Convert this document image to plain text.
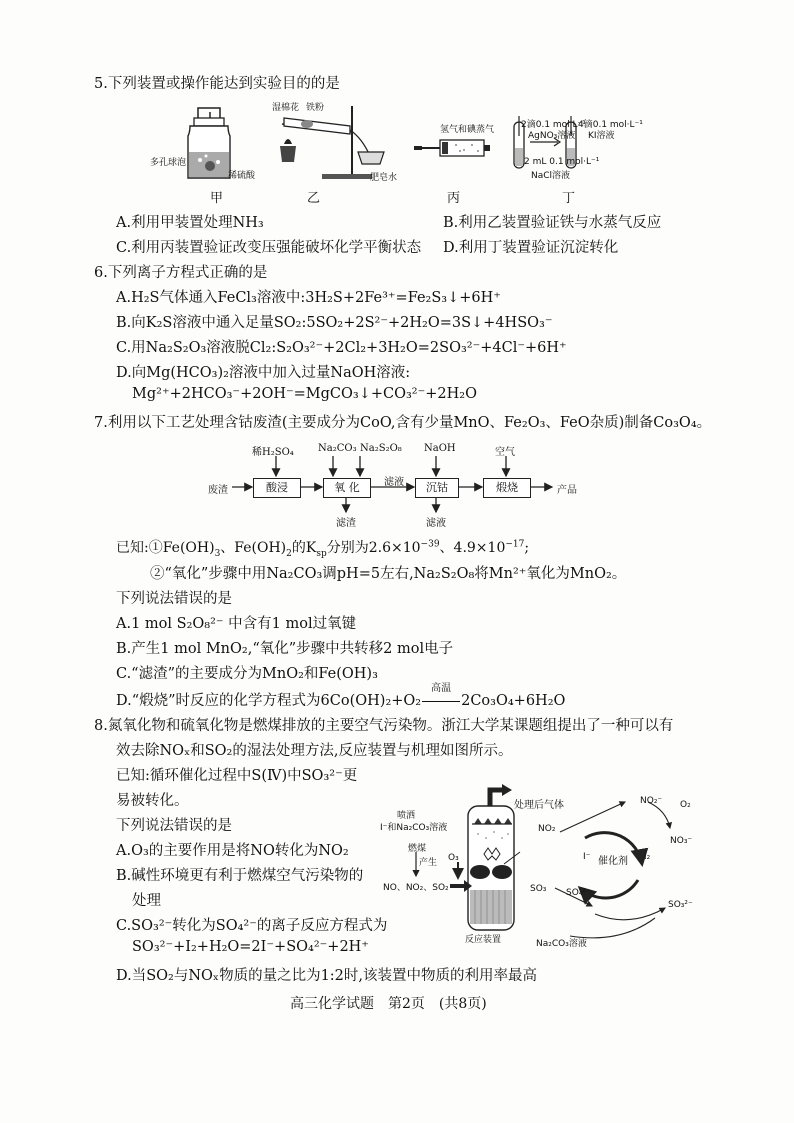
5.下列装置或操作能达到实验目的的是
多孔球泡
稀硫酸
湿棉花 铁粉
肥皂水
氢气和碘蒸气	2滴0.1 mol·L⁻¹
AgNO₃溶液
4滴0.1 mol·L⁻¹
KI溶液
2 mL 0.1 mol·L⁻¹
NaCl溶液
甲	乙	丙	丁
A.利用甲装置处理NH₃	B.利用乙装置验证铁与水蒸气反应
C.利用丙装置验证改变压强能破坏化学平衡状态 D.利用丁装置验证沉淀转化
6.下列离子方程式正确的是
A.H₂S气体通入FeCl₃溶液中:3H₂S+2Fe³⁺=Fe₂S₃↓+6H⁺
B.向K₂S溶液中通入足量SO₂:5SO₂+2S²⁻+2H₂O=3S↓+4HSO₃⁻
C.用Na₂S₂O₃溶液脱Cl₂:S₂O₃²⁻+2Cl₂+3H₂O=2SO₃²⁻+4Cl⁻+6H⁺
D.向Mg(HCO₃)₂溶液中加入过量NaOH溶液:
Mg²⁺+2HCO₃⁻+2OH⁻=MgCO₃↓+CO₃²⁻+2H₂O
7.利用以下工艺处理含钴废渣(主要成分为CoO,含有少量MnO、Fe₂O₃、FeO杂质)制备Co₃O₄。
废渣	酸浸	氧 化	滤液	沉钴	煅烧	产品
稀H₂SO₄ Na₂CO₃ Na₂S₂O₈ NaOH	空气
滤渣	滤液
已知$:①Fe(OH)_3$、$Fe(OH)_2$的$K_{sp}$分别为$2.6\times 10^{-39}$、$4.9\times 10^{-17}$;
②“氧化”步骤中用Na₂CO₃调pH=5左右,Na₂S₂O₈将Mn²⁺氧化为MnO₂。
下列说法错误的是
A.1 mol S₂O₈²⁻ 中含有1 mol过氧键
B.产生1 mol MnO₂,“氧化”步骤中共转移2 mol电子
C.“滤渣”的主要成分为MnO₂和Fe(OH)₃
D.“煅烧”时反应的化学方程式为6Co(OH)₂+O₂
高温
2Co₃O₄+6H₂O
8.氮氧化物和硫氧化物是燃煤排放的主要空气污染物。浙江大学某课题组提出了一种可以有
效去除NOₓ和SO₂的湿法处理方法,反应装置与机理如图所示。
已知:循环催化过程中S(Ⅳ)中SO₃²⁻更
易被转化。
下列说法错误的是
A.O₃的主要作用是将NO转化为NO₂
B.碱性环境更有利于燃煤空气污染物的
处理
C.SO₃²⁻转化为SO₄²⁻的离子反应方程式为
SO₃²⁻+I₂+H₂O=2I⁻+SO₄²⁻+2H⁺
D.当SO₂与NOₓ物质的量之比为1:2时,该装置中物质的利用率最高
处理后气体
喷洒
I⁻和Na₂CO₃溶液
燃煤
产生 O₃
NO、NO₂、SO₂
反应装置
NO₂
NO₂⁻ O₂
NO₃⁻
I⁻ 催化剂 I₂
SO₃ SO₄²⁻
SO₃²⁻
Na₂CO₃溶液
高三化学试题　第2页　(共8页)
